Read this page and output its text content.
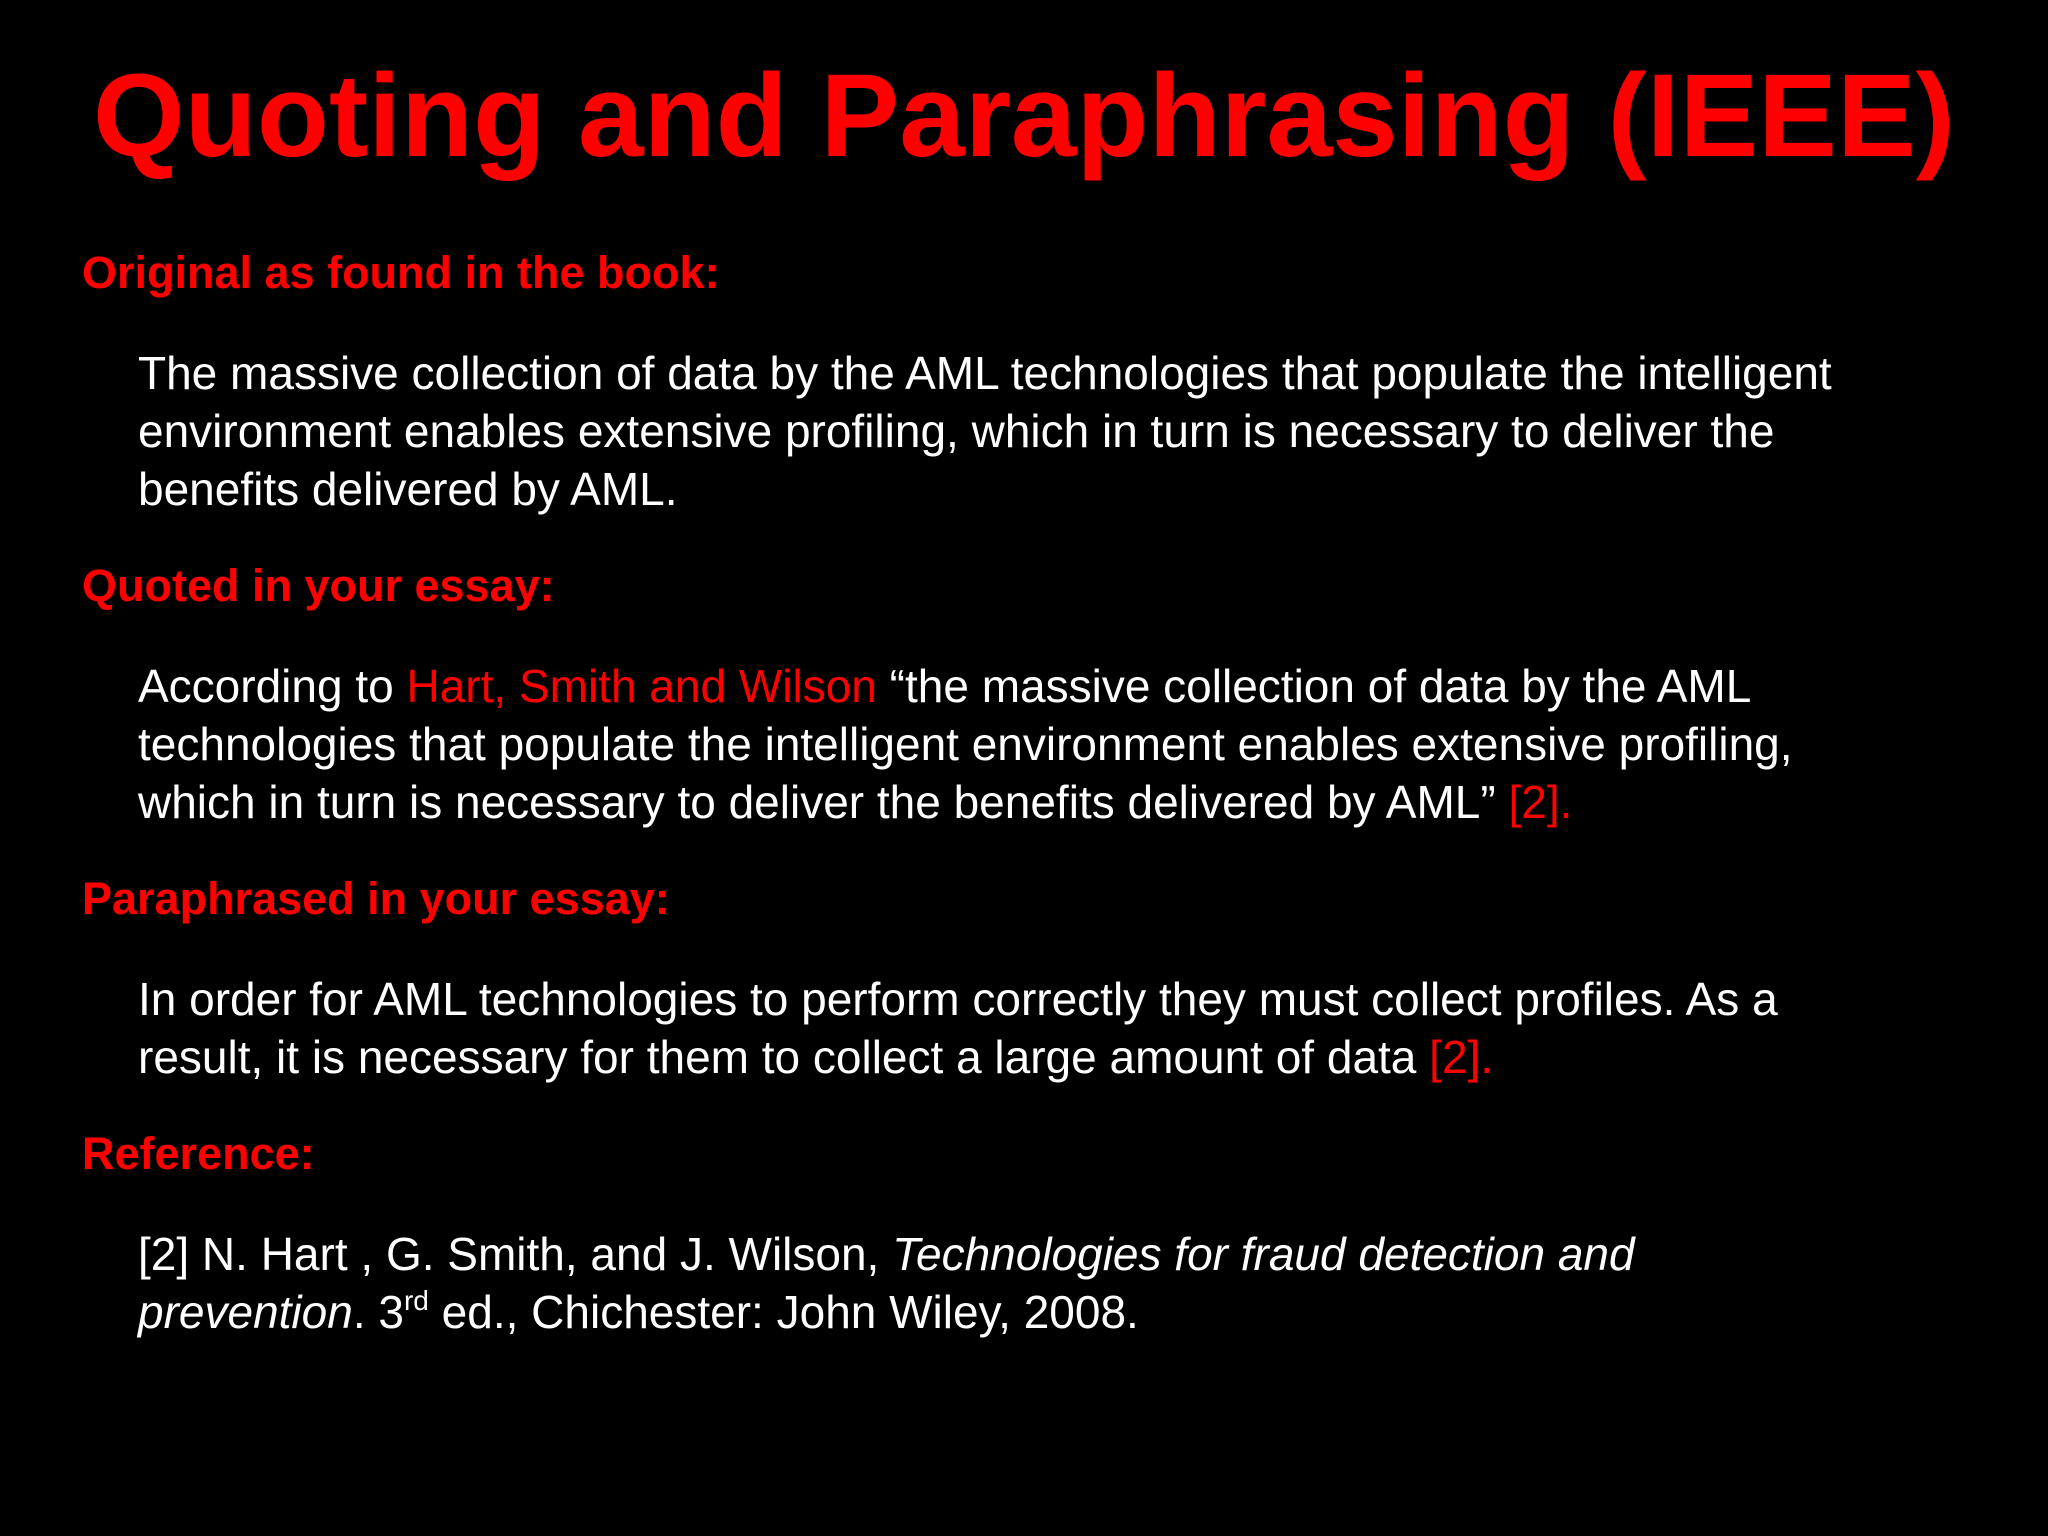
Quoting and Paraphrasing (IEEE)
Original as found in the book:
The massive collection of data by the AML technologies that populate the intelligent
environment enables extensive profiling, which in turn is necessary to deliver the
benefits delivered by AML.
Quoted in your essay:
According to Hart, Smith and Wilson “the massive collection of data by the AML
technologies that populate the intelligent environment enables extensive profiling,
which in turn is necessary to deliver the benefits delivered by AML” [2].
Paraphrased in your essay:
In order for AML technologies to perform correctly they must collect profiles. As a
result, it is necessary for them to collect a large amount of data [2].
Reference:
[2] N. Hart , G. Smith, and J. Wilson, Technologies for fraud detection and
prevention. 3rd ed., Chichester: John Wiley, 2008.
